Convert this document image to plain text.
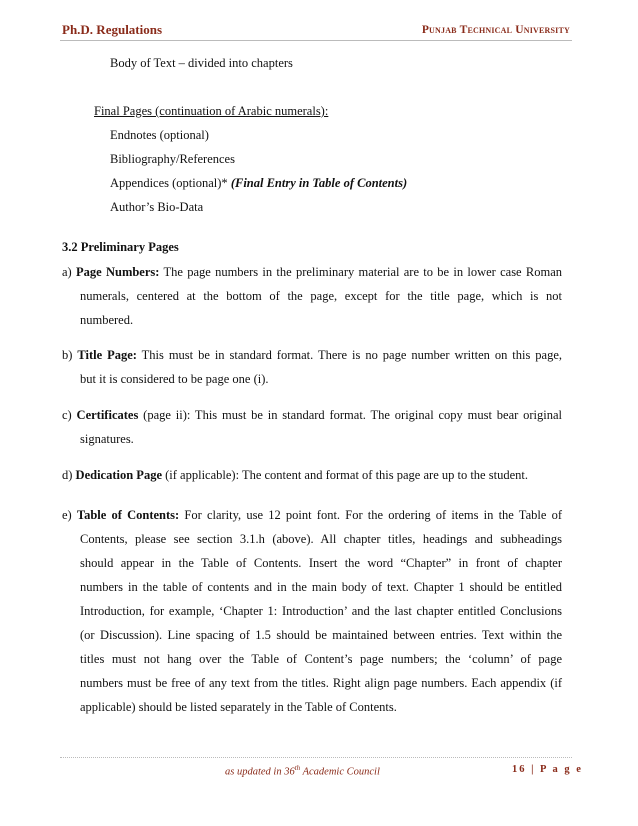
Ph.D. Regulations	Punjab Technical University
Body of Text – divided into chapters
Final Pages (continuation of Arabic numerals):
Endnotes (optional)
Bibliography/References
Appendices (optional)* (Final Entry in Table of Contents)
Author’s Bio-Data
3.2 Preliminary Pages
a) Page Numbers: The page numbers in the preliminary material are to be in lower case Roman
numerals, centered at the bottom of the page, except for the title page, which is not
numbered.
b) Title Page: This must be in standard format. There is no page number written on this page,
but it is considered to be page one (i).
c) Certificates (page ii): This must be in standard format. The original copy must bear original
signatures.
d) Dedication Page (if applicable): The content and format of this page are up to the student.
e) Table of Contents: For clarity, use 12 point font. For the ordering of items in the Table of
Contents, please see section 3.1.h (above). All chapter titles, headings and subheadings
should appear in the Table of Contents. Insert the word “Chapter” in front of chapter
numbers in the table of contents and in the main body of text. Chapter 1 should be entitled
Introduction, for example, ‘Chapter 1: Introduction’ and the last chapter entitled Conclusions
(or Discussion). Line spacing of 1.5 should be maintained between entries. Text within the
titles must not hang over the Table of Content’s page numbers; the ‘column’ of page
numbers must be free of any text from the titles. Right align page numbers. Each appendix (if
applicable) should be listed separately in the Table of Contents.
as updated in 36th Academic Council	16 | P a g e
